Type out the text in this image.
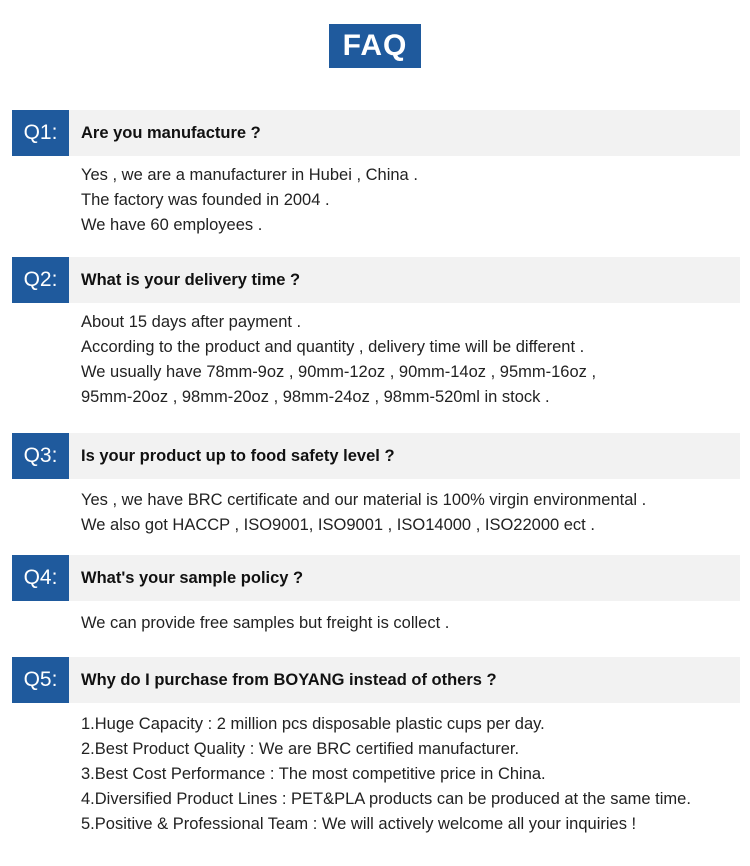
FAQ
Q1:	Are you manufacture ?
Yes , we are a manufacturer in Hubei , China .
The factory was founded in 2004 .
We have 60 employees .
Q2:	What is your delivery time ?
About 15 days after payment .
According to the product and quantity , delivery time will be different .
We usually have 78mm-9oz , 90mm-12oz , 90mm-14oz , 95mm-16oz ,
95mm-20oz , 98mm-20oz , 98mm-24oz , 98mm-520ml in stock .
Q3:	Is your product up to food safety level ?
Yes , we have BRC certificate and our material is 100% virgin environmental .
We also got HACCP , ISO9001, ISO9001 , ISO14000 , ISO22000 ect .
Q4:	What's your sample policy ?
We can provide free samples but freight is collect .
Q5:	Why do I purchase from BOYANG instead of others ?
1.Huge Capacity : 2 million pcs disposable plastic cups per day.
2.Best Product Quality : We are BRC certified manufacturer.
3.Best Cost Performance : The most competitive price in China.
4.Diversified Product Lines : PET&PLA products can be produced at the same time.
5.Positive & Professional Team : We will actively welcome all your inquiries !
